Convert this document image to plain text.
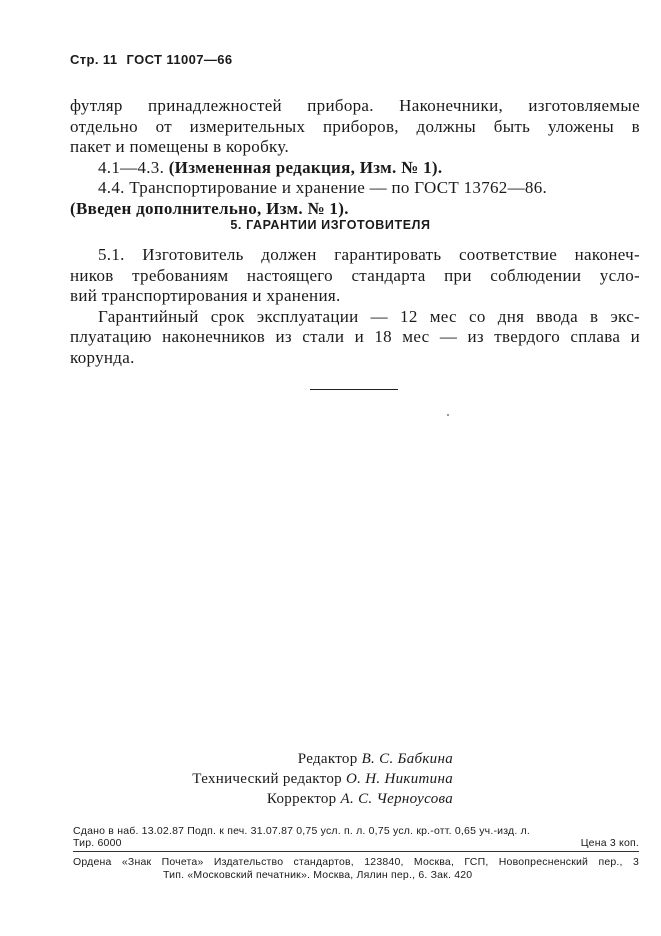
Стр. 11 ГОСТ 11007—66
футляр принадлежностей прибора. Наконечники, изготовляемые
отдельно от измерительных приборов, должны быть уложены в
пакет и помещены в коробку.
4.1—4.3. (Измененная редакция, Изм. № 1).
4.4. Транспортирование и хранение — по ГОСТ 13762—86.
(Введен дополнительно, Изм. № 1).
5. ГАРАНТИИ ИЗГОТОВИТЕЛЯ
5.1. Изготовитель должен гарантировать соответствие наконеч-
ников требованиям настоящего стандарта при соблюдении усло-
вий транспортирования и хранения.
Гарантийный срок эксплуатации — 12 мес со дня ввода в экс-
плуатацию наконечников из стали и 18 мес — из твердого сплава и
корунда.
Редактор В. С. Бабкина
Технический редактор О. Н. Никитина
Корректор А. С. Черноусова
Сдано в наб. 13.02.87 Подп. к печ. 31.07.87 0,75 усл. п. л. 0,75 усл. кр.-отт. 0,65 уч.-изд. л.
Тир. 6000	Цена 3 коп.
Ордена «Знак Почета» Издательство стандартов, 123840, Москва, ГСП, Новопресненский пер., 3
Тип. «Московский печатник». Москва, Лялин пер., 6. Зак. 420
